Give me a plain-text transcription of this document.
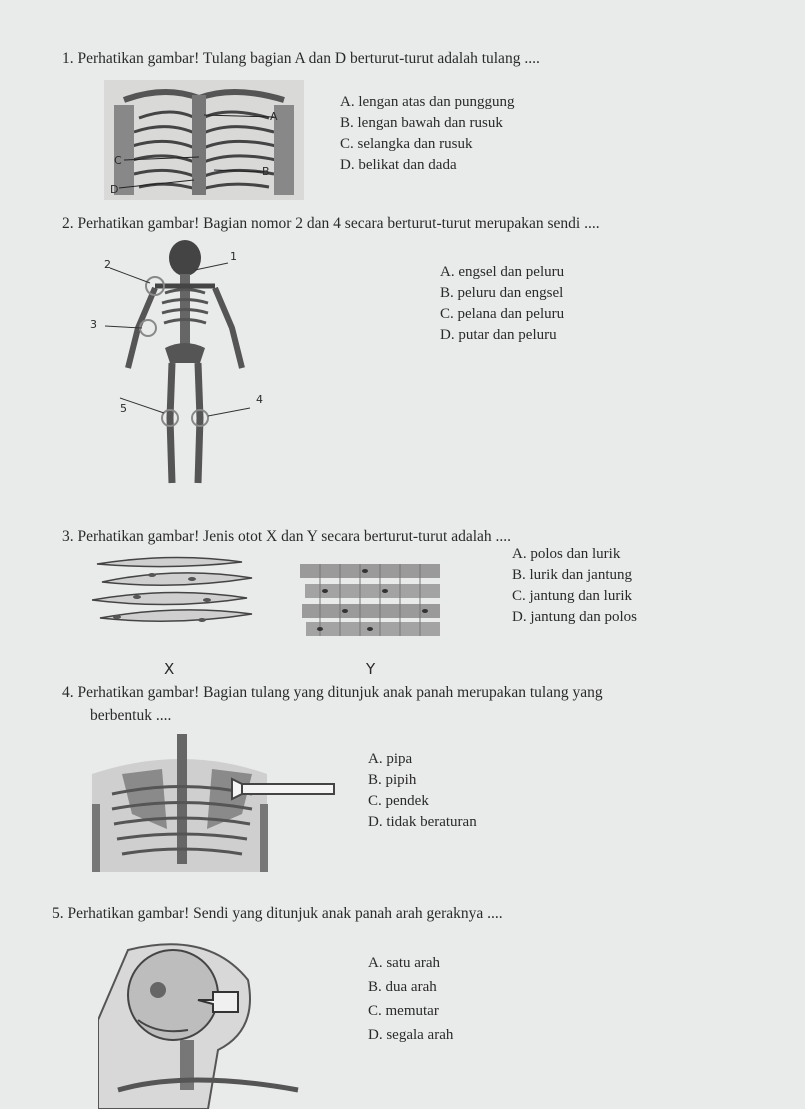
1. Perhatikan gambar! Tulang bagian A dan D berturut-turut adalah tulang ....
A
C
B
D
A. lengan atas dan punggung
B. lengan bawah dan rusuk
C. selangka dan rusuk
D. belikat dan dada
2. Perhatikan gambar! Bagian nomor 2 dan 4 secara berturut-turut merupakan sendi ....
2
1
3
5
4
A. engsel dan peluru
B. peluru dan engsel
C. pelana dan peluru
D. putar dan peluru
3. Perhatikan gambar! Jenis otot X dan Y secara berturut-turut adalah ....
X	Y
A. polos dan lurik
B. lurik dan jantung
C. jantung dan lurik
D. jantung dan polos
4. Perhatikan gambar! Bagian tulang yang ditunjuk anak panah merupakan tulang yang
berbentuk ....
A. pipa
B. pipih
C. pendek
D. tidak beraturan
5. Perhatikan gambar! Sendi yang ditunjuk anak panah arah geraknya ....
A. satu arah
B. dua arah
C. memutar
D. segala arah
